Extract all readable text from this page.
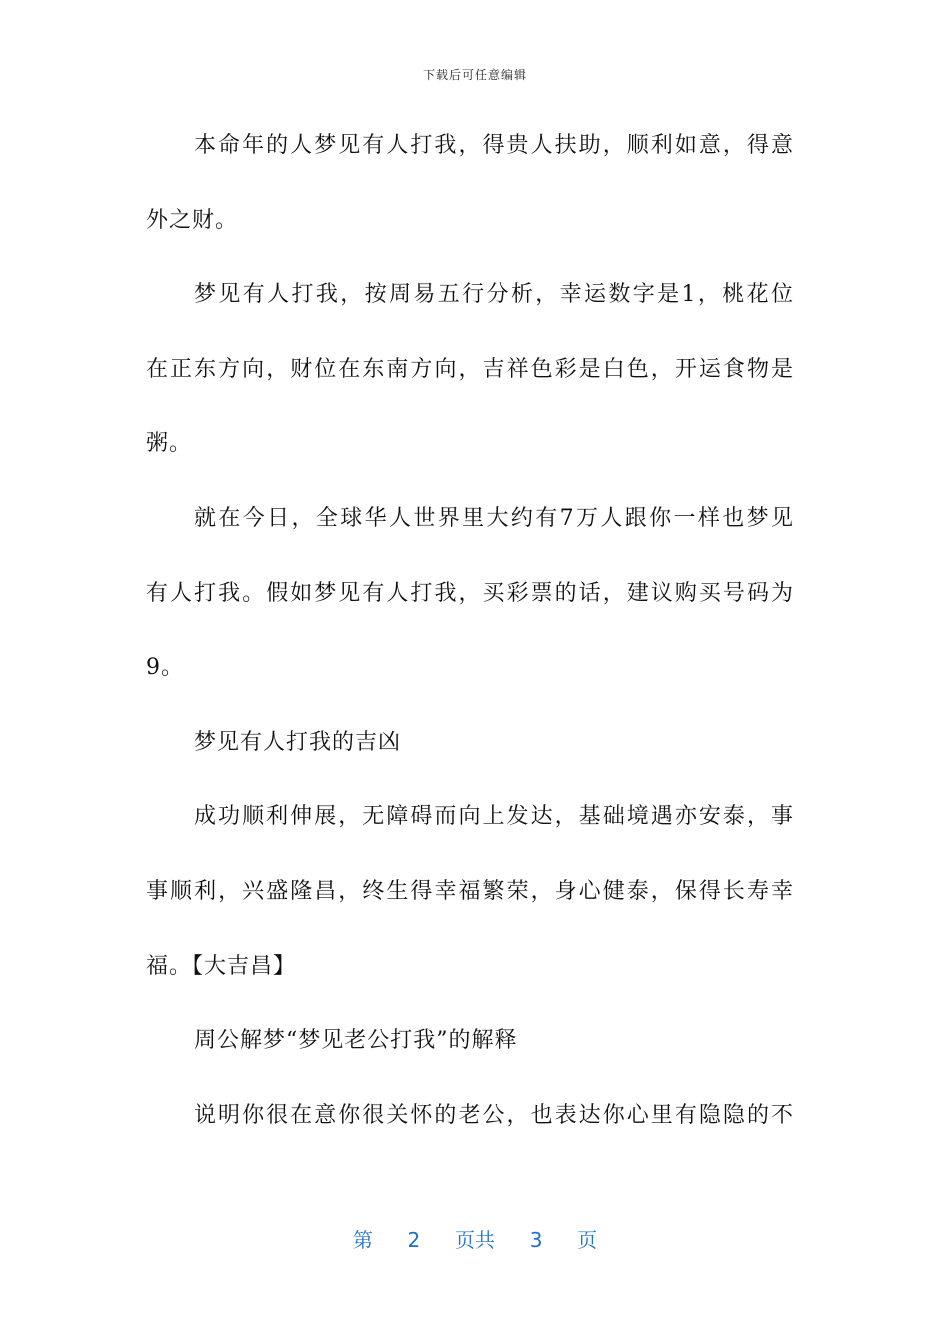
下载后可任意编辑
本命年的人梦见有人打我，得贵人扶助，顺利如意，得意
外之财。
梦见有人打我，按周易五行分析，幸运数字是1，桃花位
在正东方向，财位在东南方向，吉祥色彩是白色，开运食物是
粥。
就在今日，全球华人世界里大约有7万人跟你一样也梦见
有人打我。假如梦见有人打我，买彩票的话，建议购买号码为
9。
梦见有人打我的吉凶
成功顺利伸展，无障碍而向上发达，基础境遇亦安泰，事
事顺利，兴盛隆昌，终生得幸福繁荣，身心健泰，保得长寿幸
福。【大吉昌】
周公解梦“梦见老公打我”的解释
说明你很在意你很关怀的老公，也表达你心里有隐隐的不
第 2 页共 3 页
